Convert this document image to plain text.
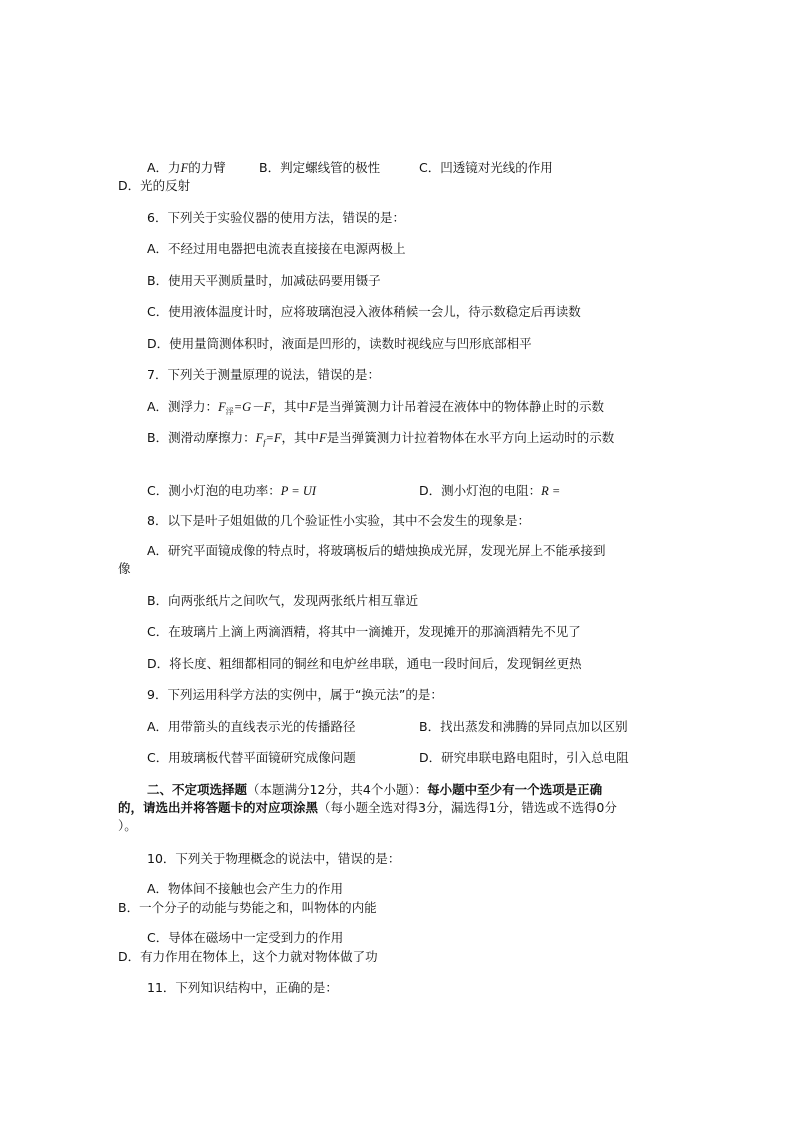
A．力F的力臂	B．判定螺线管的极性	C．凹透镜对光线的作用
D．光的反射
6．下列关于实验仪器的使用方法，错误的是：
A．不经过用电器把电流表直接接在电源两极上
B．使用天平测质量时，加减砝码要用镊子
C．使用液体温度计时，应将玻璃泡浸入液体稍候一会儿，待示数稳定后再读数
D．使用量筒测体积时，液面是凹形的，读数时视线应与凹形底部相平
7．下列关于测量原理的说法，错误的是：
A．测浮力：$F_浮=G-F$，其中F是当弹簧测力计吊着浸在液体中的物体静止时的示数
B．测滑动摩擦力：$F_f=F$，其中F是当弹簧测力计拉着物体在水平方向上运动时的示数
C．测小灯泡的电功率：P = UI	D．测小灯泡的电阻：R =
8．以下是叶子姐姐做的几个验证性小实验，其中不会发生的现象是：
A．研究平面镜成像的特点时，将玻璃板后的蜡烛换成光屏，发现光屏上不能承接到
像
B．向两张纸片之间吹气，发现两张纸片相互靠近
C．在玻璃片上滴上两滴酒精，将其中一滴摊开，发现摊开的那滴酒精先不见了
D．将长度、粗细都相同的铜丝和电炉丝串联，通电一段时间后，发现铜丝更热
9．下列运用科学方法的实例中，属于“换元法”的是：
A．用带箭头的直线表示光的传播路径	B．找出蒸发和沸腾的异同点加以区别
C．用玻璃板代替平面镜研究成像问题	D．研究串联电路电阻时，引入总电阻
二、不定项选择题（本题满分12分，共4个小题）：每小题中至少有一个选项是正确
的，请选出并将答题卡的对应项涂黑（每小题全选对得3分，漏选得1分，错选或不选得0分
）。
10．下列关于物理概念的说法中，错误的是：
A．物体间不接触也会产生力的作用
B．一个分子的动能与势能之和，叫物体的内能
C．导体在磁场中一定受到力的作用
D．有力作用在物体上，这个力就对物体做了功
11．下列知识结构中，正确的是：
